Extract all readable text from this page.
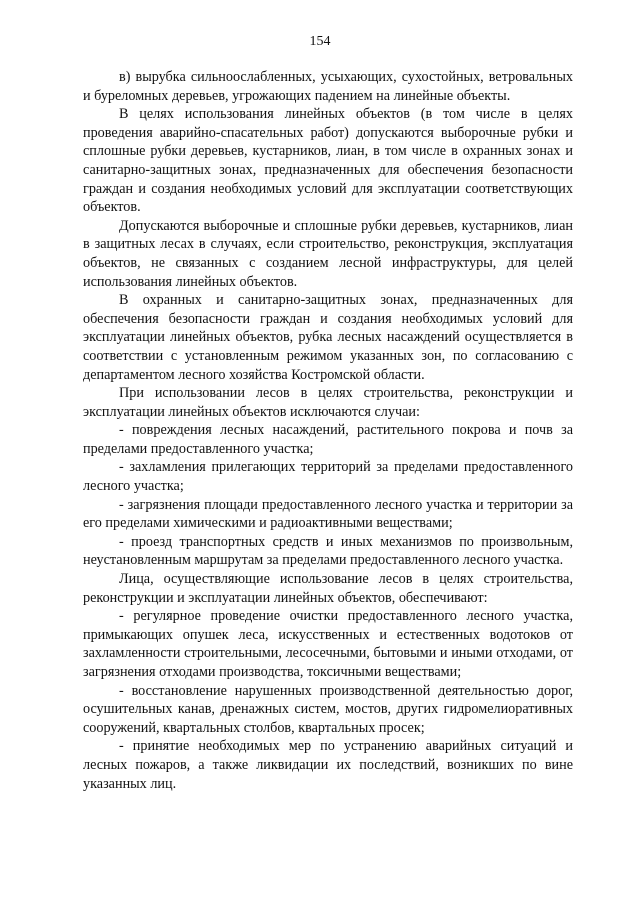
154

в) вырубка сильноослабленных, усыхающих, сухостойных, ветровальных и буреломных деревьев, угрожающих падением на линейные объекты.

В целях использования линейных объектов (в том числе в целях проведения аварийно-спасательных работ) допускаются выборочные рубки и сплошные рубки деревьев, кустарников, лиан, в том числе в охранных зонах и санитарно-защитных зонах, предназначенных для обеспечения безопасности граждан и создания необходимых условий для эксплуатации соответствующих объектов.

Допускаются выборочные и сплошные рубки деревьев, кустарников, лиан в защитных лесах в случаях, если строительство, реконструкция, эксплуатация объектов, не связанных с созданием лесной инфраструктуры, для целей использования линейных объектов.

В охранных и санитарно-защитных зонах, предназначенных для обеспечения безопасности граждан и создания необходимых условий для эксплуатации линейных объектов, рубка лесных насаждений осуществляется в соответствии с установленным режимом указанных зон, по согласованию с департаментом лесного хозяйства Костромской области.

При использовании лесов в целях строительства, реконструкции и эксплуатации линейных объектов исключаются случаи:

- повреждения лесных насаждений, растительного покрова и почв за пределами предоставленного участка;

- захламления прилегающих территорий за пределами предоставленного лесного участка;

- загрязнения площади предоставленного лесного участка и территории за его пределами химическими и радиоактивными веществами;

- проезд транспортных средств и иных механизмов по произвольным, неустановленным маршрутам за пределами предоставленного лесного участка.

Лица, осуществляющие использование лесов в целях строительства, реконструкции и эксплуатации линейных объектов, обеспечивают:

- регулярное проведение очистки предоставленного лесного участка, примыкающих опушек леса, искусственных и естественных водотоков от захламленности строительными, лесосечными, бытовыми и иными отходами, от загрязнения отходами производства, токсичными веществами;

- восстановление нарушенных производственной деятельностью дорог, осушительных канав, дренажных систем, мостов, других гидромелиоративных сооружений, квартальных столбов, квартальных просек;

- принятие необходимых мер по устранению аварийных ситуаций и лесных пожаров, а также ликвидации их последствий, возникших по вине указанных лиц.
